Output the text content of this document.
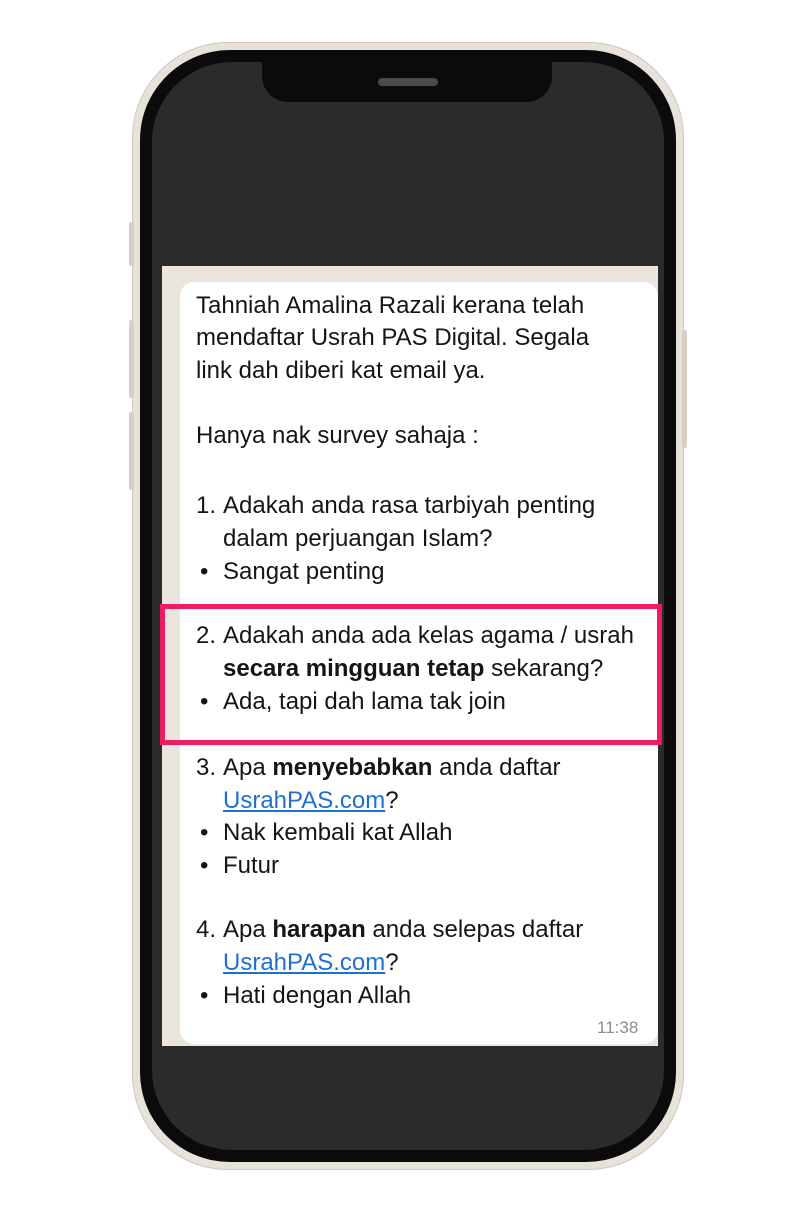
Tahniah Amalina Razali kerana telah
mendaftar Usrah PAS Digital. Segala
link dah diberi kat email ya.
Hanya nak survey sahaja :
1. Adakah anda rasa tarbiyah penting
dalam perjuangan Islam?
• Sangat penting
2. Adakah anda ada kelas agama / usrah
secara mingguan tetap sekarang?
• Ada, tapi dah lama tak join
3. Apa menyebabkan anda daftar
UsrahPAS.com?
• Nak kembali kat Allah
• Futur
4. Apa harapan anda selepas daftar
UsrahPAS.com?
• Hati dengan Allah
11:38
